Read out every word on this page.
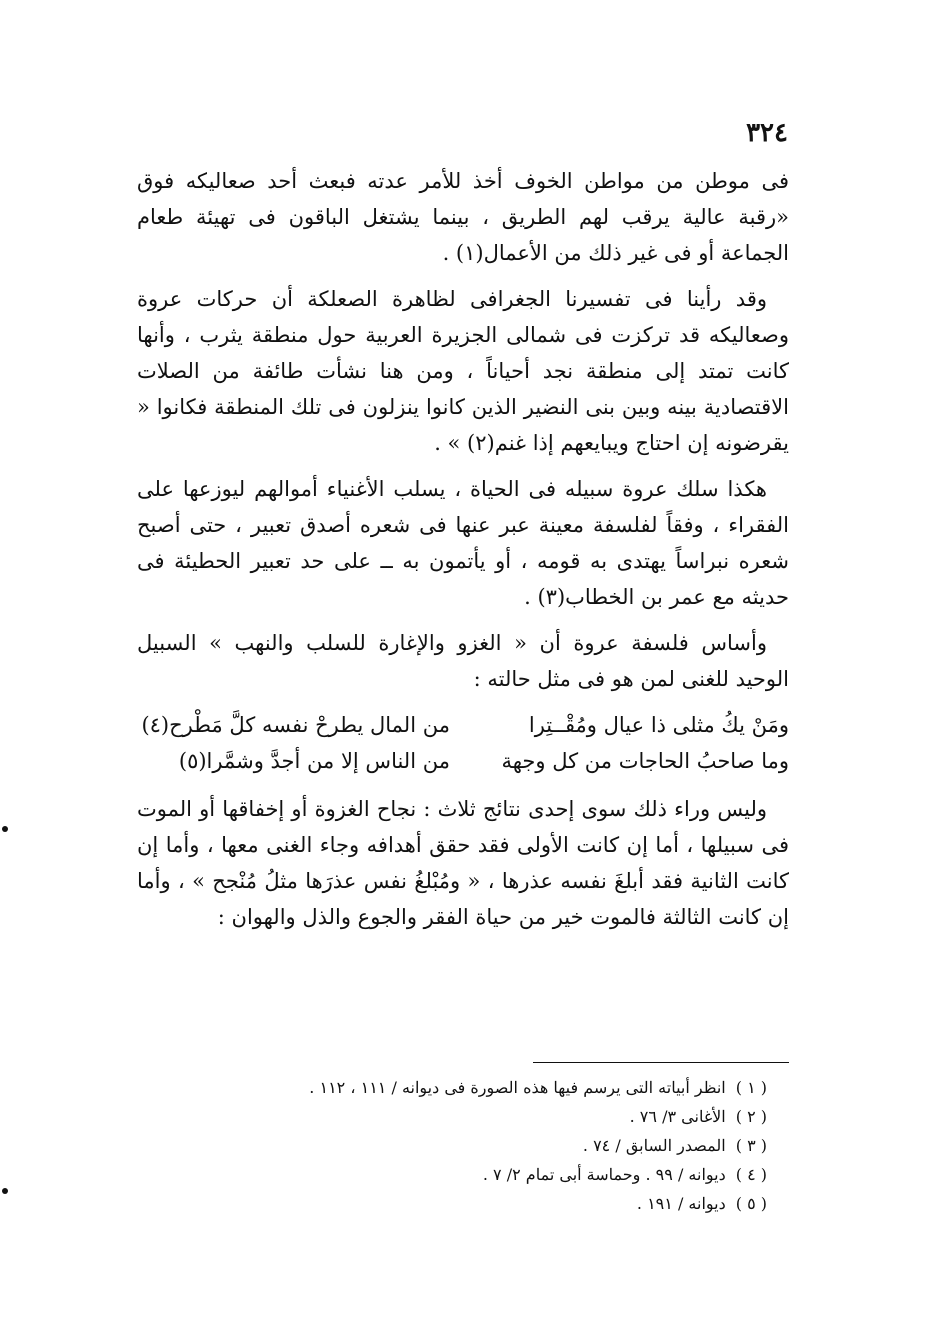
٣٢٤

فى موطن من مواطن الخوف أخذ للأمر عدته فبعث أحد صعاليكه فوق «رقبة عالية يرقب لهم الطريق ، بينما يشتغل الباقون فى تهيئة طعام الجماعة أو فى غير ذلك من الأعمال(١) .

وقد رأينا فى تفسيرنا الجغرافى لظاهرة الصعلكة أن حركات عروة وصعاليكه قد تركزت فى شمالى الجزيرة العربية حول منطقة يثرب ، وأنها كانت تمتد إلى منطقة نجد أحياناً ، ومن هنا نشأت طائفة من الصلات الاقتصادية بينه وبين بنى النضير الذين كانوا ينزلون فى تلك المنطقة فكانوا « يقرضونه إن احتاج ويبايعهم إذا غنم(٢) » .

هكذا سلك عروة سبيله فى الحياة ، يسلب الأغنياء أموالهم ليوزعها على الفقراء ، وفقاً لفلسفة معينة عبر عنها فى شعره أصدق تعبير ، حتى أصبح شعره نبراساً يهتدى به قومه ، أو يأتمون به ــ على حد تعبير الحطيئة فى حديثه مع عمر بن الخطاب(٣) .

وأساس فلسفة عروة أن « الغزو والإغارة للسلب والنهب » السبيل الوحيد للغنى لمن هو فى مثل حالته :

ومَنْ يكُ مثلى ذا عيال ومُقْــتِرا
من المال يطرحْ نفسه كلَّ مَطْرح(٤)
وما صاحبُ الحاجات من كل وجهة
من الناس إلا من أجدَّ وشمَّرا(٥)

وليس وراء ذلك سوى إحدى نتائج ثلاث : نجاح الغزوة أو إخفاقها أو الموت فى سبيلها ، أما إن كانت الأولى فقد حقق أهدافه وجاء الغنى معها ، وأما إن كانت الثانية فقد أبلغَ نفسه عذرها ، « ومُبْلغُ نفس عذرَها مثلُ مُنْجح » ، وأما إن كانت الثالثة فالموت خير من حياة الفقر والجوع والذل والهوان :

( ١ )انظر أبياته التى يرسم فيها هذه الصورة فى ديوانه / ١١١ ، ١١٢ .
( ٢ )الأغانى ٣/ ٧٦ .
( ٣ )المصدر السابق / ٧٤ .
( ٤ )ديوانه / ٩٩ . وحماسة أبى تمام ٢/ ٧ .
( ٥ )ديوانه / ١٩١ .
